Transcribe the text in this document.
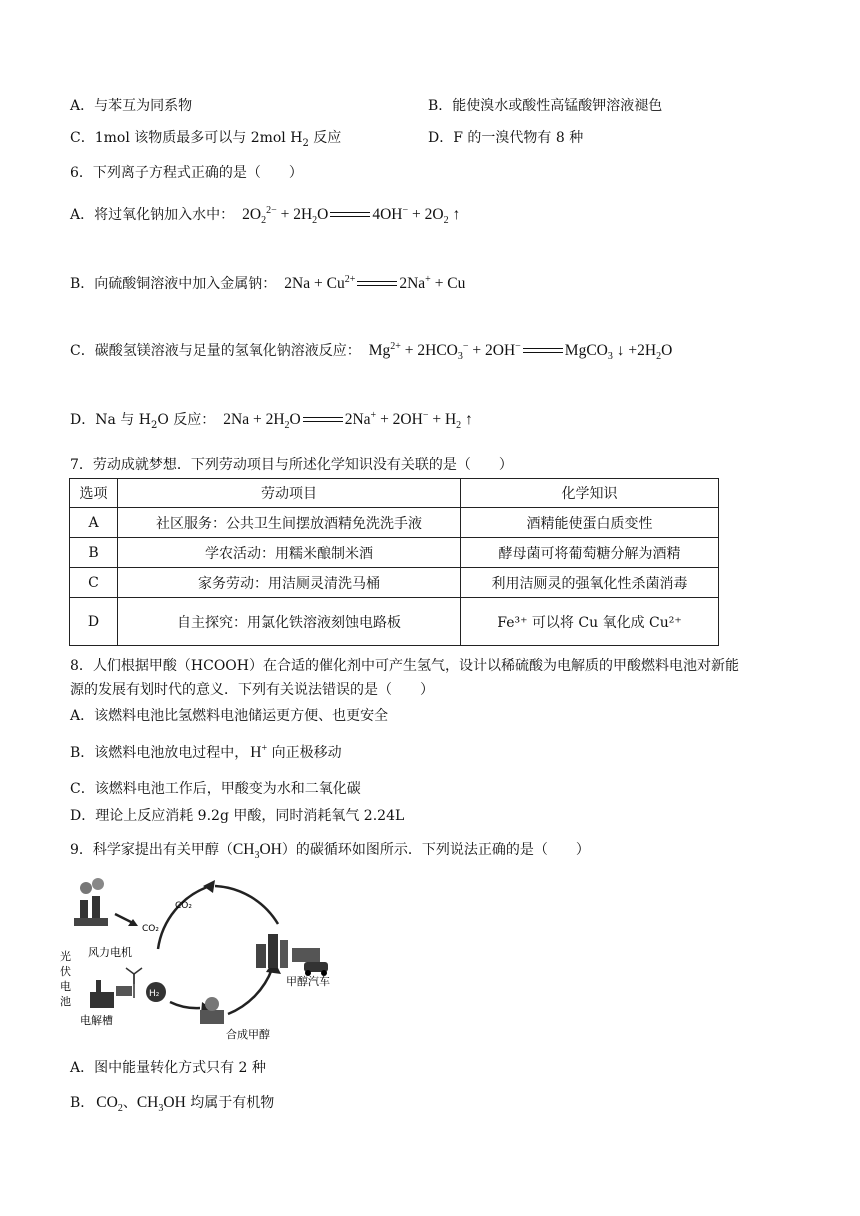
A．与苯互为同系物	B．能使溴水或酸性高锰酸钾溶液褪色
C．1mol 该物质最多可以与 2mol $H_2$ 反应	D．F 的一溴代物有 8 种
6．下列离子方程式正确的是（　　）
A．将过氧化钠加入水中： $2O_2^{2-} + 2H_2O$	$4OH^- + 2O_2$ ↑
B．向硫酸铜溶液中加入金属钠： $2Na + Cu^{2+}$	2Na+ + Cu
C．碳酸氢镁溶液与足量的氢氧化钠溶液反应： $Mg^{2+} + 2HCO_3^- + 2OH^-$	MgCO$_3$ ↓ $+2H_2O$
D．Na 与 $H_2O$ 反应： $2Na + 2H_2O$	$2Na^+ + 2OH^- + H_2$ ↑
7．劳动成就梦想．下列劳动项目与所述化学知识没有关联的是（　　）
选项	劳动项目	化学知识
A	社区服务：公共卫生间摆放酒精免洗洗手液	酒精能使蛋白质变性
B	学农活动：用糯米酿制米酒	酵母菌可将葡萄糖分解为酒精
C	家务劳动：用洁厕灵清洗马桶	利用洁厕灵的强氧化性杀菌消毒
D	自主探究：用氯化铁溶液刻蚀电路板	Fe³⁺ 可以将 Cu 氧化成 Cu²⁺
8．人们根据甲酸（HCOOH）在合适的催化剂中可产生氢气，设计以稀硫酸为电解质的甲酸燃料电池对新能
源的发展有划时代的意义．下列有关说法错误的是（　　）
A．该燃料电池比氢燃料电池储运更方便、也更安全
B．该燃料电池放电过程中， H+ 向正极移动
C．该燃料电池工作后，甲酸变为水和二氧化碳
D．理论上反应消耗 9.2g 甲酸，同时消耗氧气 2.24L
9．科学家提出有关甲醇$(CH_3OH)$的碳循环如图所示．下列说法正确的是（　　）
CO₂
CO₂
风力电机
光
伏
电
池
电解槽
H₂
合成甲醇
甲醇汽车
A．图中能量转化方式只有 2 种
B． $CO_2$、$CH_3OH$ 均属于有机物
